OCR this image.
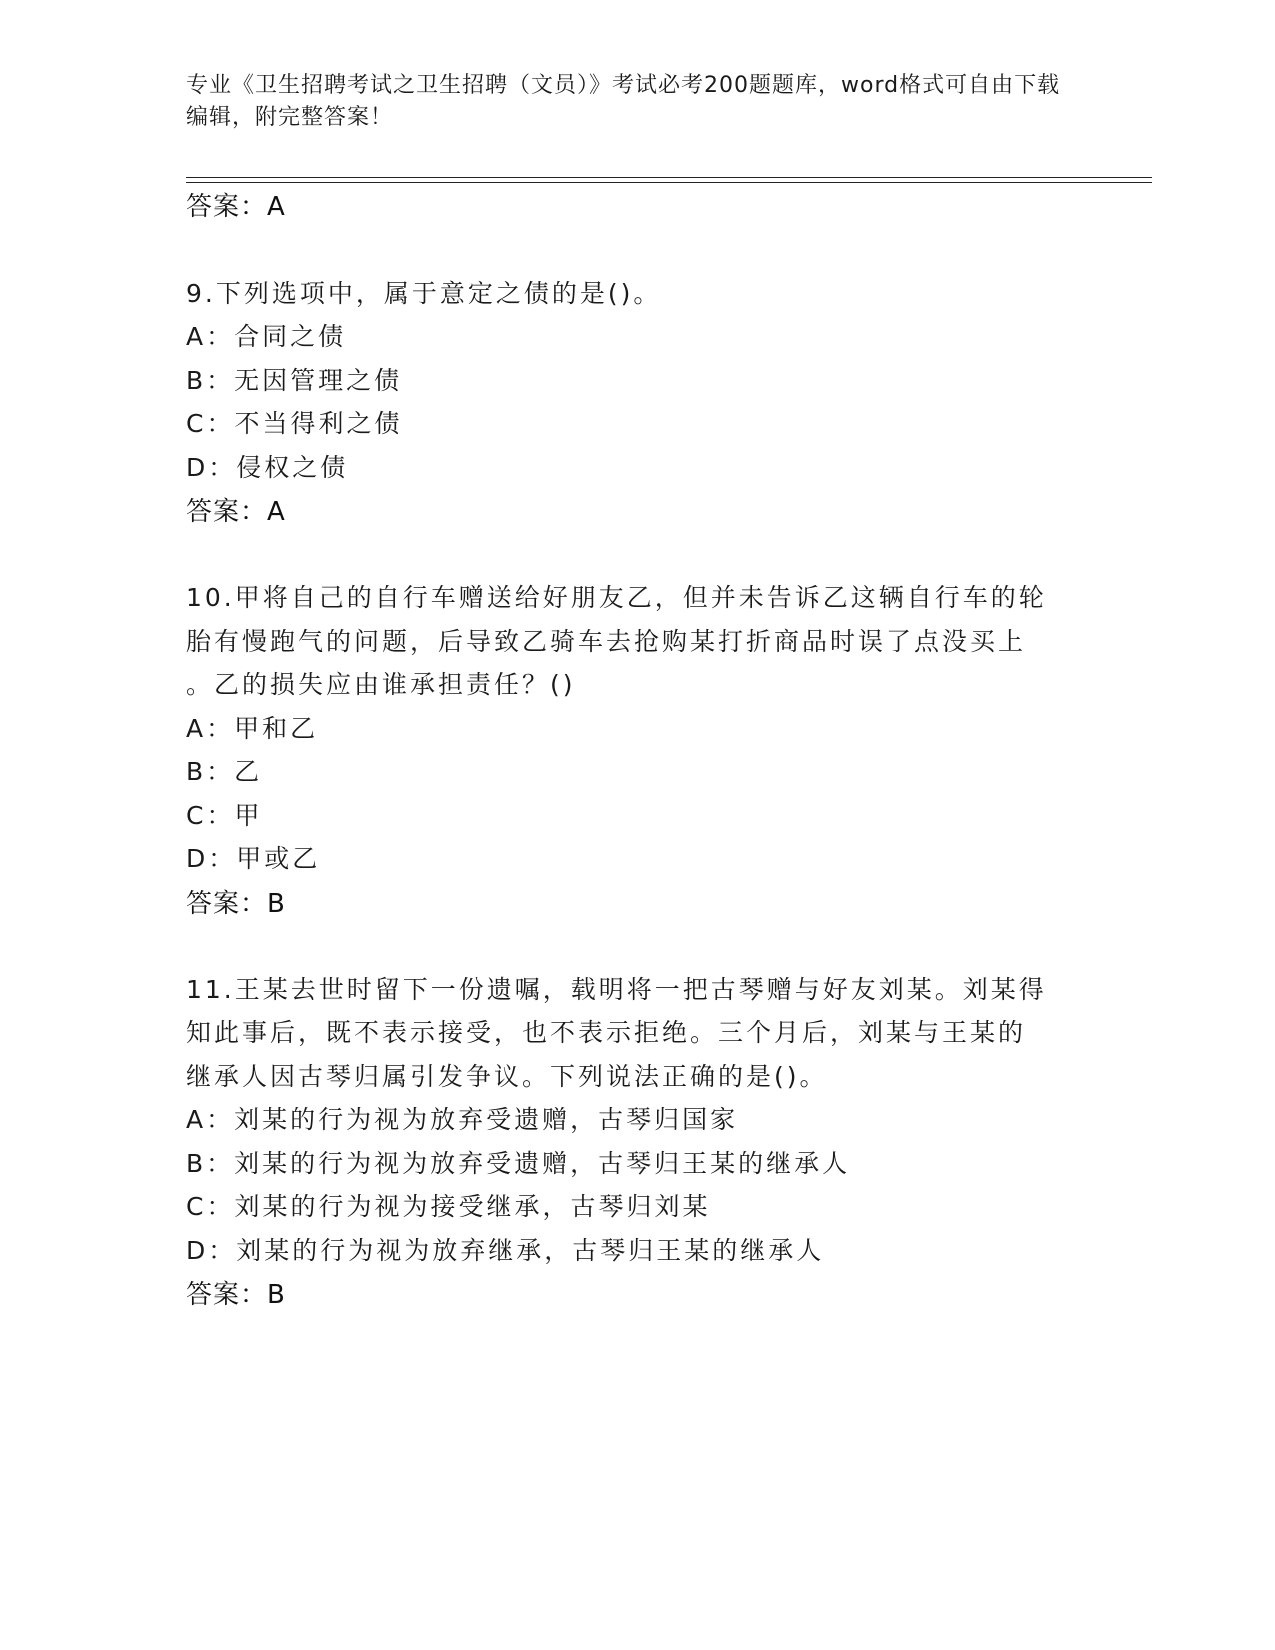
专业《卫生招聘考试之卫生招聘（文员）》考试必考200题题库，word格式可自由下载编辑，附完整答案！
答案：A
9.下列选项中，属于意定之债的是()。
A：合同之债
B：无因管理之债
C：不当得利之债
D：侵权之债
答案：A
10.甲将自己的自行车赠送给好朋友乙，但并未告诉乙这辆自行车的轮
胎有慢跑气的问题，后导致乙骑车去抢购某打折商品时误了点没买上
。乙的损失应由谁承担责任？()
A：甲和乙
B：乙
C：甲
D：甲或乙
答案：B
11.王某去世时留下一份遗嘱，载明将一把古琴赠与好友刘某。刘某得
知此事后，既不表示接受，也不表示拒绝。三个月后，刘某与王某的
继承人因古琴归属引发争议。下列说法正确的是()。
A：刘某的行为视为放弃受遗赠，古琴归国家
B：刘某的行为视为放弃受遗赠，古琴归王某的继承人
C：刘某的行为视为接受继承，古琴归刘某
D：刘某的行为视为放弃继承，古琴归王某的继承人
答案：B
